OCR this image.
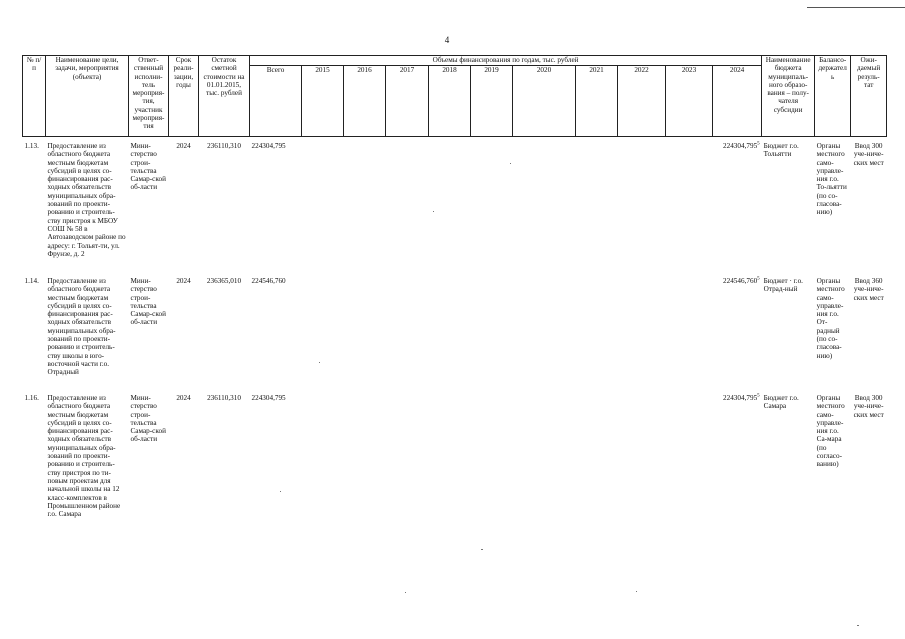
4
№ п/п	Наименование цели, задачи, мероприятия (объекта)	Ответ-ственный исполни-тель мероприя-тия, участник мероприя-тия	Срок реали-зации, годы	Остаток сметной стоимости на 01.01.2015, тыс. рублей	Объемы финансирования по годам, тыс. рублей											Наименование бюджета муниципаль-ного образо-вания – полу-чателя субсидии	Балансо-держатель	Ожи-даемый резуль-тат
					Всего	2015	2016	2017	2018	2019	2020	2021	2022	2023	2024			
1.13.	Предоставление из областного бюджета местным бюджетам субсидий в целях со-финансирования рас-ходных обязательств муниципальных обра-зований по проекти-рованию и строитель-ству пристроя к МБОУ СОШ № 58 в Автозаводском районе по адресу: г. Тольят-ти, ул. Фрунзе, д. 2	Мини-стерство строи-тельства Самар-ской об-ласти	2024	236110,310	224304,795										224304,795$^5$	Бюджет г.о. Тольятти	Органы местного само-управле-ния г.о. То-льятти (по со-гласова-нию)	Ввод 300 уче-ниче-ских мест
1.14.	Предоставление из областного бюджета местным бюджетам субсидий в целях со-финансирования рас-ходных обязательств муниципальных обра-зований по проекти-рованию и строитель-ству школы в юго-восточной части г.о. Отрадный	Мини-стерство строи-тельства Самар-ской об-ласти	2024	236365,010	224546,760										224546,760$^5$	Бюджет · г.о. Отрад-ный	Органы местного само-управле-ния г.о. От-радный (по со-гласова-нию)	Ввод 360 уче-ниче-ских мест
1.16.	Предоставление из областного бюджета местным бюджетам субсидий в целях со-финансирования рас-ходных обязательств муниципальных обра-зований по проекти-рованию и строитель-ству пристроя по ти-повым проектам для начальной школы на 12 класс-комплектов в Промышленном районе г.о. Самара	Мини-стерство строи-тельства Самар-ской об-ласти	2024	236110,310	224304,795										224304,795$^5$	Бюджет г.о. Самара	Органы местного само-управле-ния г.о. Са-мара (по согласо-ванию)	Ввод 300 уче-ниче-ских мест
